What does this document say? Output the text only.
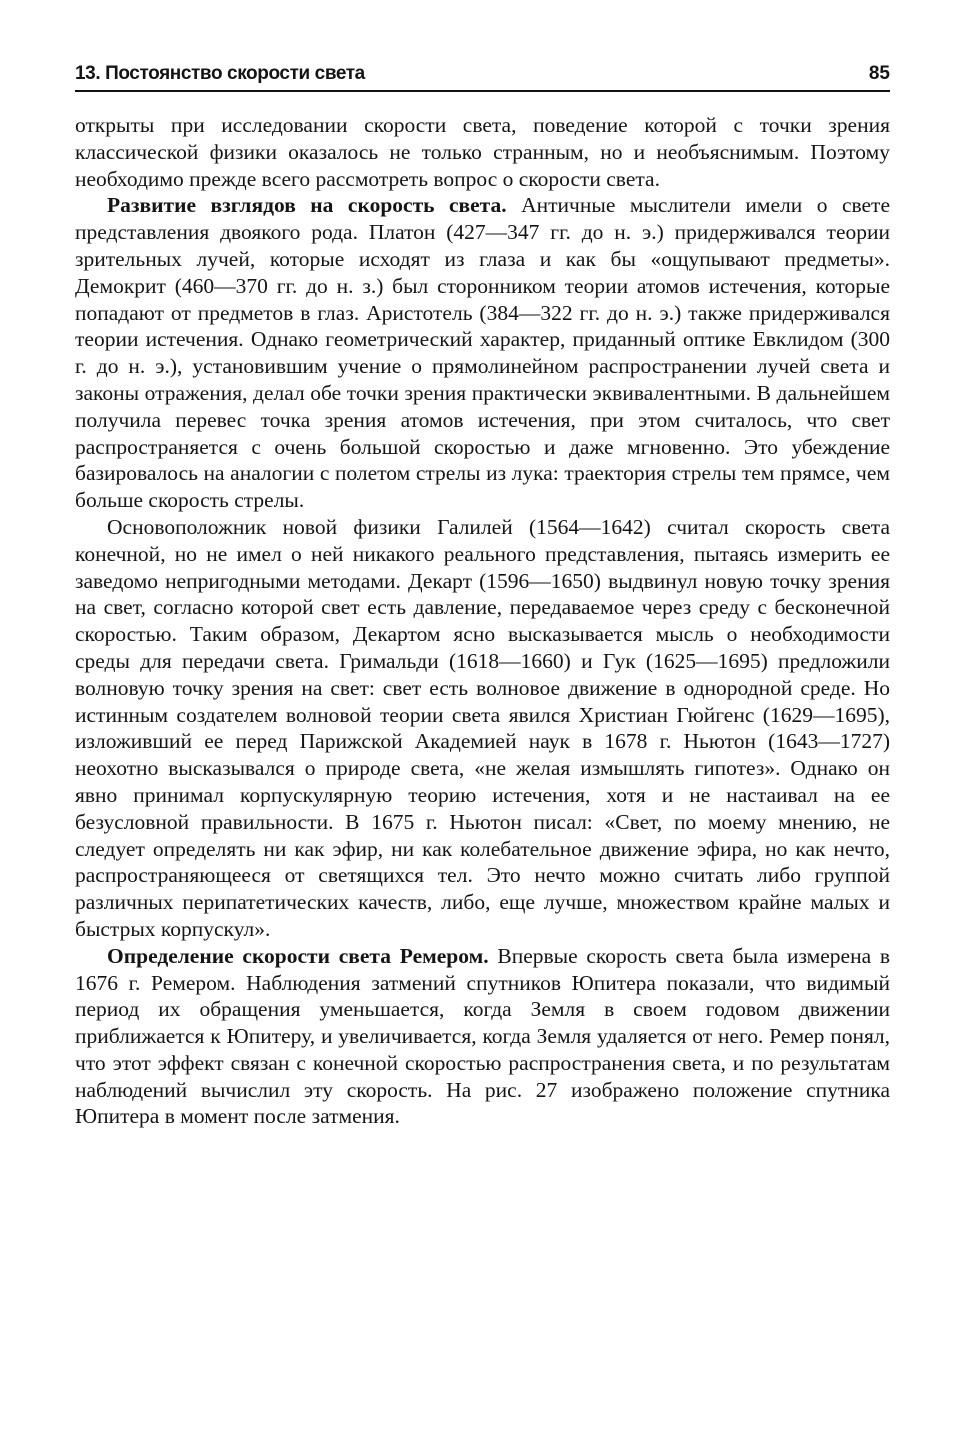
13. Постоянство скорости света	85

открыты при исследовании скорости света, поведение которой с точки зрения классической физики оказалось не только странным, но и необъяснимым. Поэтому необходимо прежде всего рассмотреть вопрос о скорости света.

Развитие взглядов на скорость света. Античные мыслители имели о свете представления двоякого рода. Платон (427—347 гг. до н. э.) придерживался теории зрительных лучей, которые исходят из глаза и как бы «ощупывают предметы». Демокрит (460—370 гг. до н. з.) был сторонником теории атомов истечения, которые попадают от предметов в глаз. Аристотель (384—322 гг. до н. э.) также придерживался теории истечения. Однако геометрический характер, приданный оптике Евклидом (300 г. до н. э.), установившим учение о прямолинейном распространении лучей света и законы отражения, делал обе точки зрения практически эквивалентными. В дальнейшем получила перевес точка зрения атомов истечения, при этом считалось, что свет распространяется с очень большой скоростью и даже мгновенно. Это убеждение базировалось на аналогии с полетом стрелы из лука: траектория стрелы тем прямсе, чем больше скорость стрелы.

Основоположник новой физики Галилей (1564—1642) считал скорость света конечной, но не имел о ней никакого реального представления, пытаясь измерить ее заведомо непригодными методами. Декарт (1596—1650) выдвинул новую точку зрения на свет, согласно которой свет есть давление, передаваемое через среду с бесконечной скоростью. Таким образом, Декартом ясно высказывается мысль о необходимости среды для передачи света. Гримальди (1618—1660) и Гук (1625—1695) предложили волновую точку зрения на свет: свет есть волновое движение в однородной среде. Но истинным создателем волновой теории света явился Христиан Гюйгенс (1629—1695), изложивший ее перед Парижской Академией наук в 1678 г. Ньютон (1643—1727) неохотно высказывался о природе света, «не желая измышлять гипотез». Однако он явно принимал корпускулярную теорию истечения, хотя и не настаивал на ее безусловной правильности. В 1675 г. Ньютон писал: «Свет, по моему мнению, не следует определять ни как эфир, ни как колебательное движение эфира, но как нечто, распространяющееся от светящихся тел. Это нечто можно считать либо группой различных перипатетических качеств, либо, еще лучше, множеством крайне малых и быстрых корпускул».

Определение скорости света Ремером. Впервые скорость света была измерена в 1676 г. Ремером. Наблюдения затмений спутников Юпитера показали, что видимый период их обращения уменьшается, когда Земля в своем годовом движении приближается к Юпитеру, и увеличивается, когда Земля удаляется от него. Ремер понял, что этот эффект связан с конечной скоростью распространения света, и по результатам наблюдений вычислил эту скорость. На рис. 27 изображено положение спутника Юпитера в момент после затмения.
